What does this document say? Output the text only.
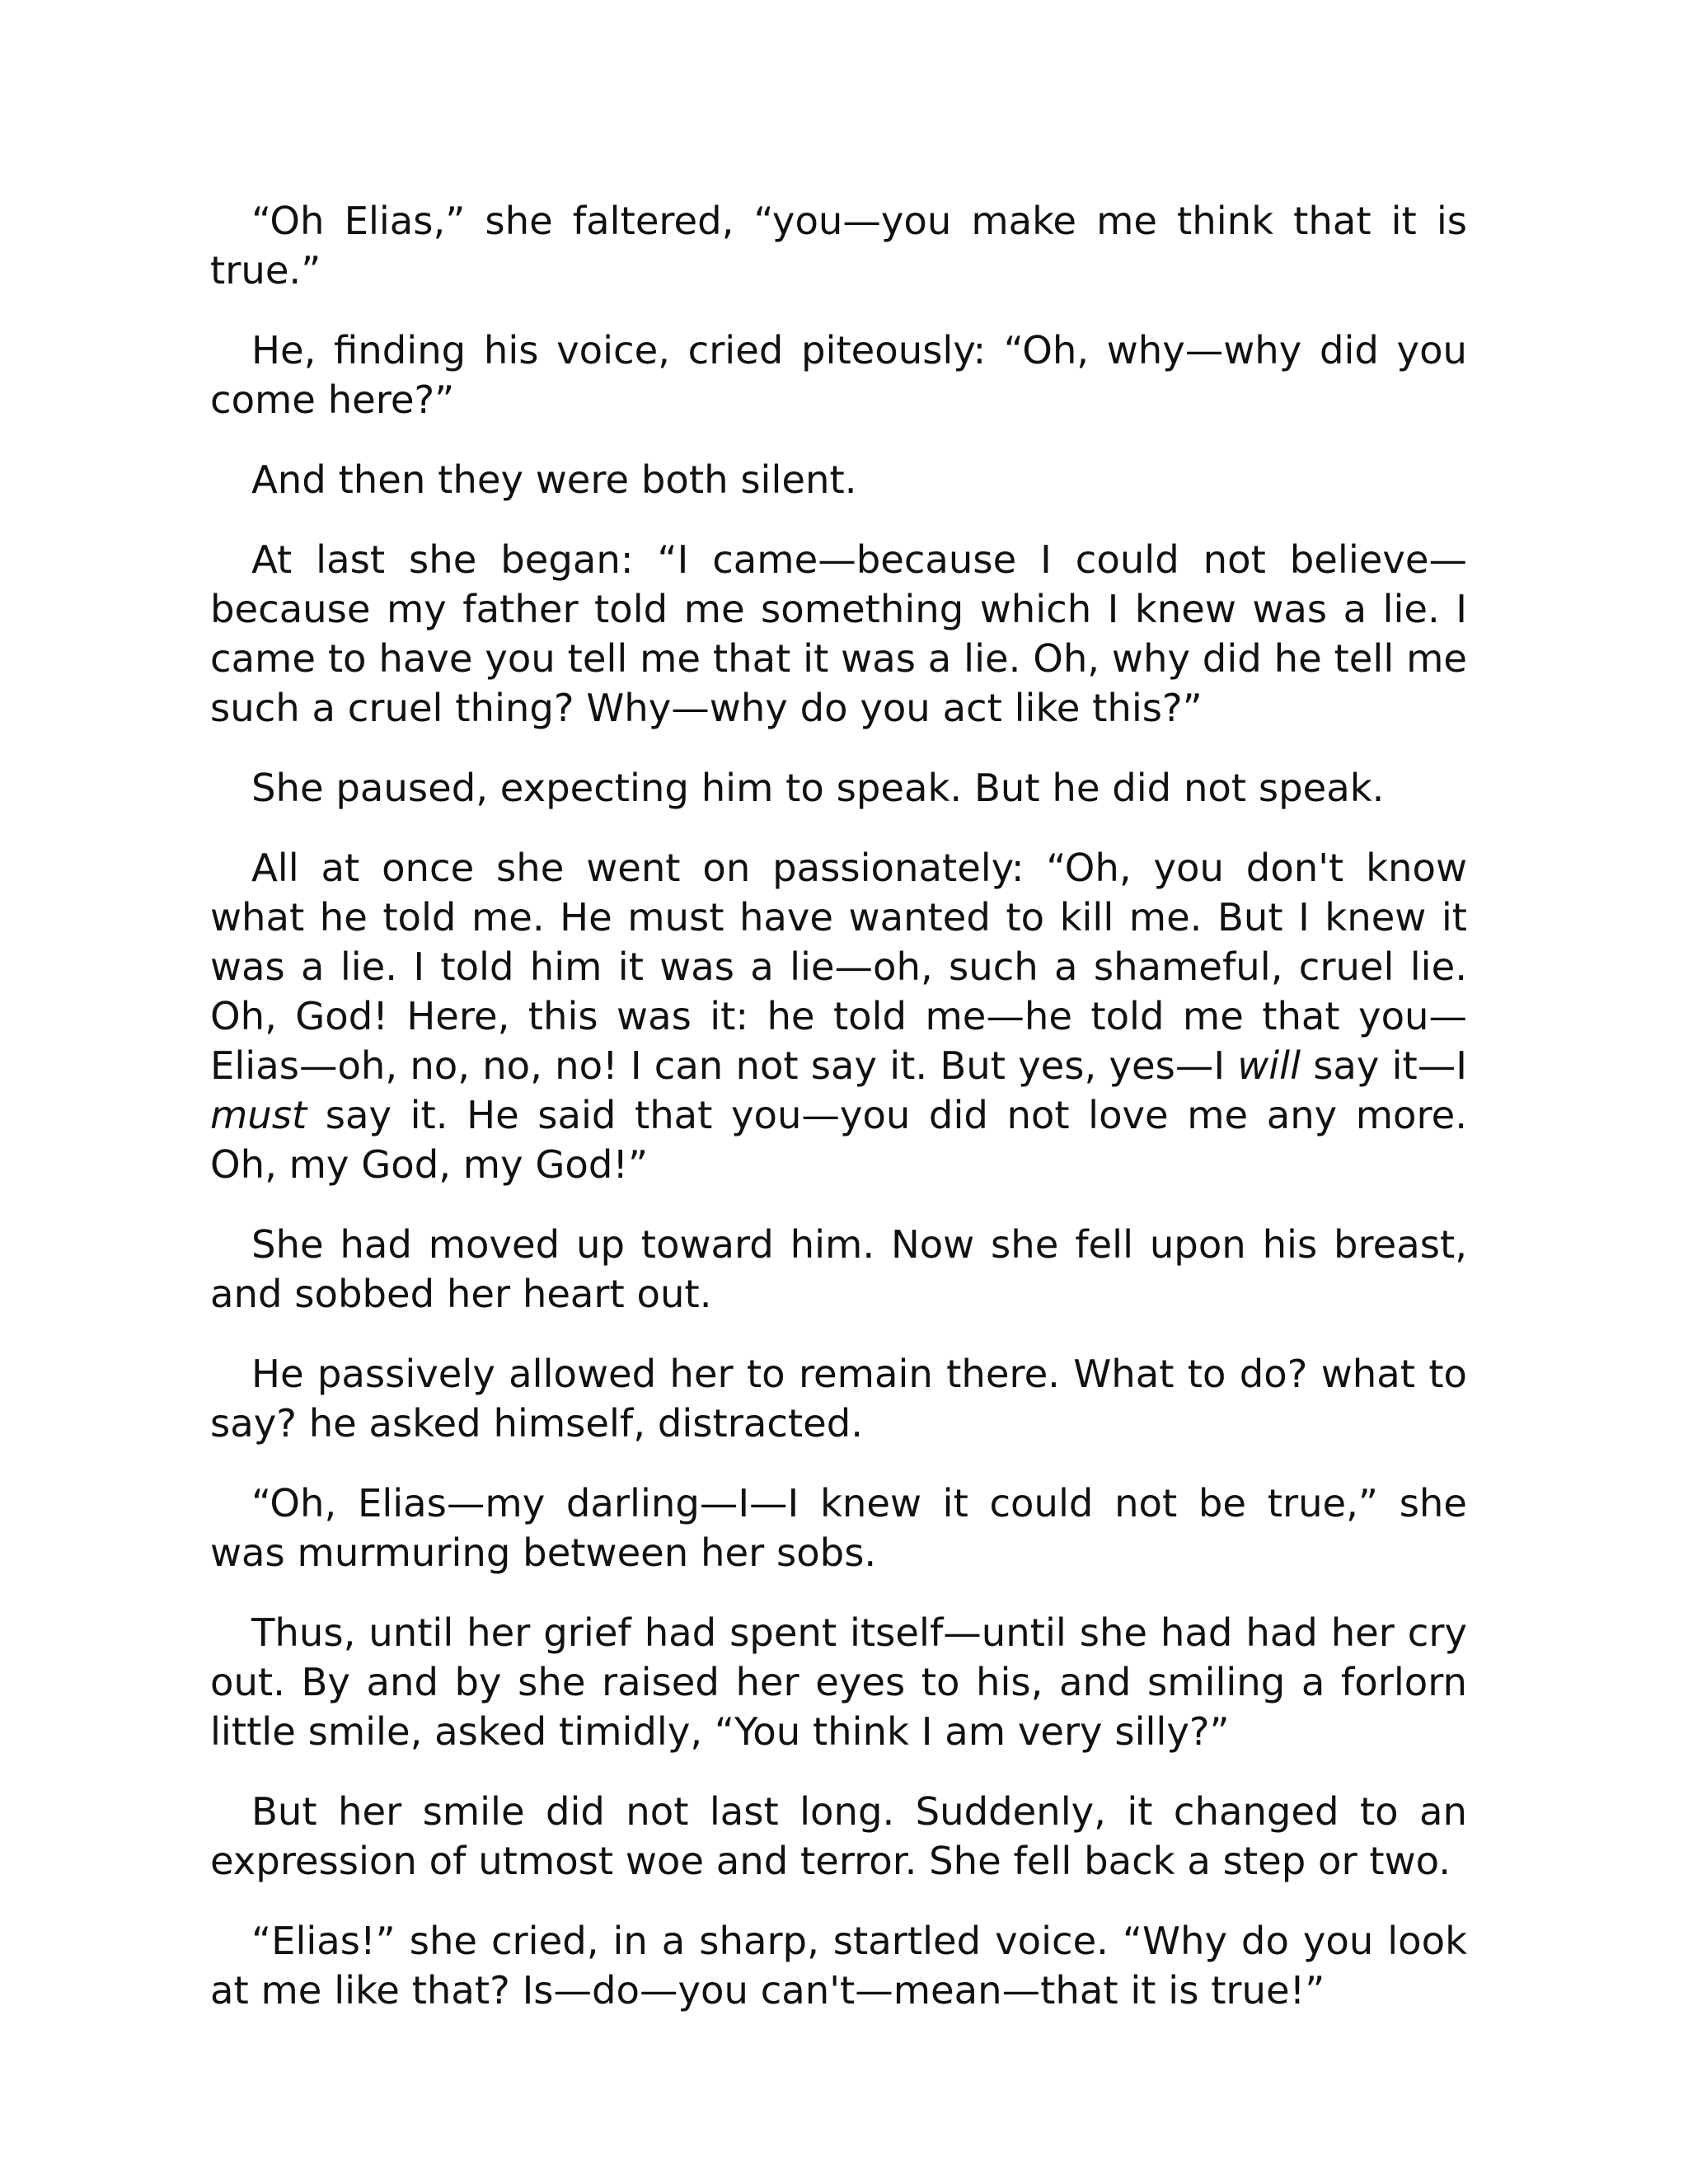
“Oh Elias,” she faltered, “you—you make me think that it is true.”

He, finding his voice, cried piteously: “Oh, why—why did you come here?”

And then they were both silent.

At last she began: “I came—because I could not believe—because my father told me something which I knew was a lie. I came to have you tell me that it was a lie. Oh, why did he tell me such a cruel thing? Why—why do you act like this?”

She paused, expecting him to speak. But he did not speak.

All at once she went on passionately: “Oh, you don't know what he told me. He must have wanted to kill me. But I knew it was a lie. I told him it was a lie—oh, such a shameful, cruel lie. Oh, God! Here, this was it: he told me—he told me that you—Elias—oh, no, no, no! I can not say it. But yes, yes—I will say it—I must say it. He said that you—you did not love me any more. Oh, my God, my God!”

She had moved up toward him. Now she fell upon his breast, and sobbed her heart out.

He passively allowed her to remain there. What to do? what to say? he asked himself, distracted.

“Oh, Elias—my darling—I—I knew it could not be true,” she was murmuring between her sobs.

Thus, until her grief had spent itself—until she had had her cry out. By and by she raised her eyes to his, and smiling a forlorn little smile, asked timidly, “You think I am very silly?”

But her smile did not last long. Suddenly, it changed to an expression of utmost woe and terror. She fell back a step or two.

“Elias!” she cried, in a sharp, startled voice. “Why do you look at me like that? Is—do—you can't—mean—that it is true!”
